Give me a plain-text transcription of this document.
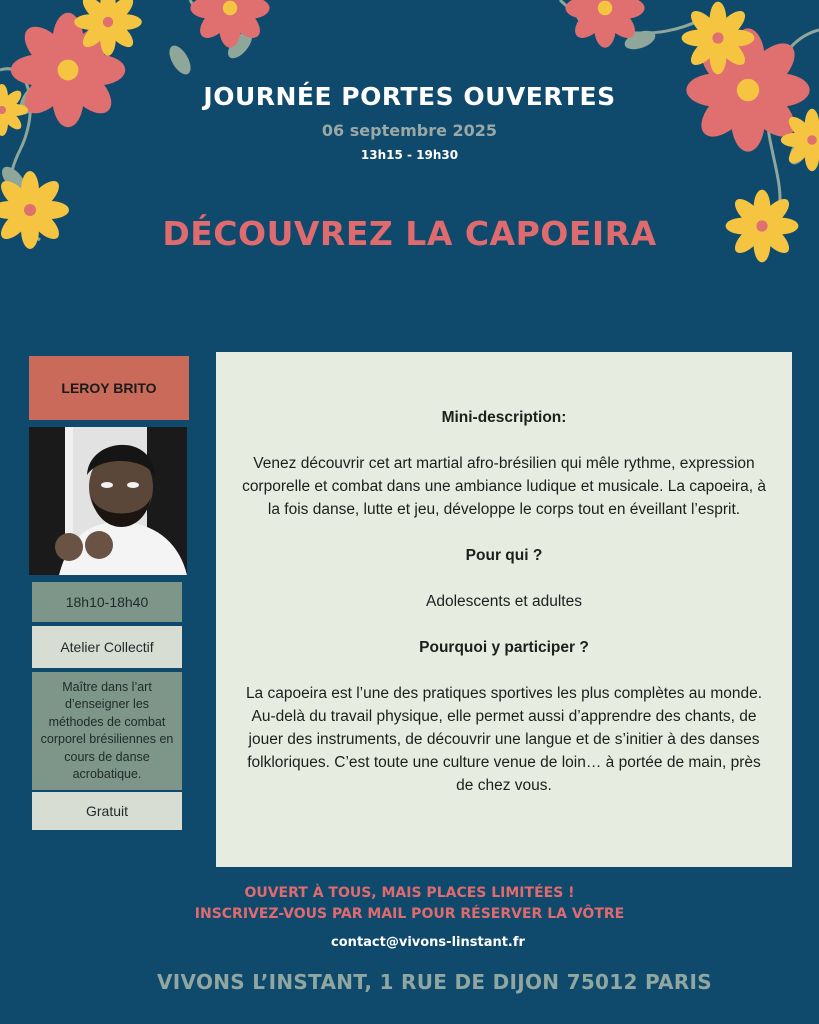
JOURNÉE PORTES OUVERTES
06 septembre 2025
13h15 - 19h30
DÉCOUVREZ LA CAPOEIRA
LEROY BRITO
18h10-18h40
Atelier Collectif
Maître dans l’art d’enseigner les méthodes de combat corporel brésiliennes en cours de danse acrobatique.
Gratuit

Mini-description:

Venez découvrir cet art martial afro-brésilien qui mêle rythme, expression corporelle et combat dans une ambiance ludique et musicale. La capoeira, à la fois danse, lutte et jeu, développe le corps tout en éveillant l’esprit.

Pour qui ?

Adolescents et adultes

Pourquoi y participer ?

La capoeira est l’une des pratiques sportives les plus complètes au monde. Au-delà du travail physique, elle permet aussi d’apprendre des chants, de jouer des instruments, de découvrir une langue et de s’initier à des danses folkloriques. C’est toute une culture venue de loin… à portée de main, près de chez vous.

OUVERT À TOUS, MAIS PLACES LIMITÉES !
INSCRIVEZ-VOUS PAR MAIL POUR RÉSERVER LA VÔTRE
contact@vivons-linstant.fr
VIVONS L’INSTANT, 1 RUE DE DIJON 75012 PARIS
